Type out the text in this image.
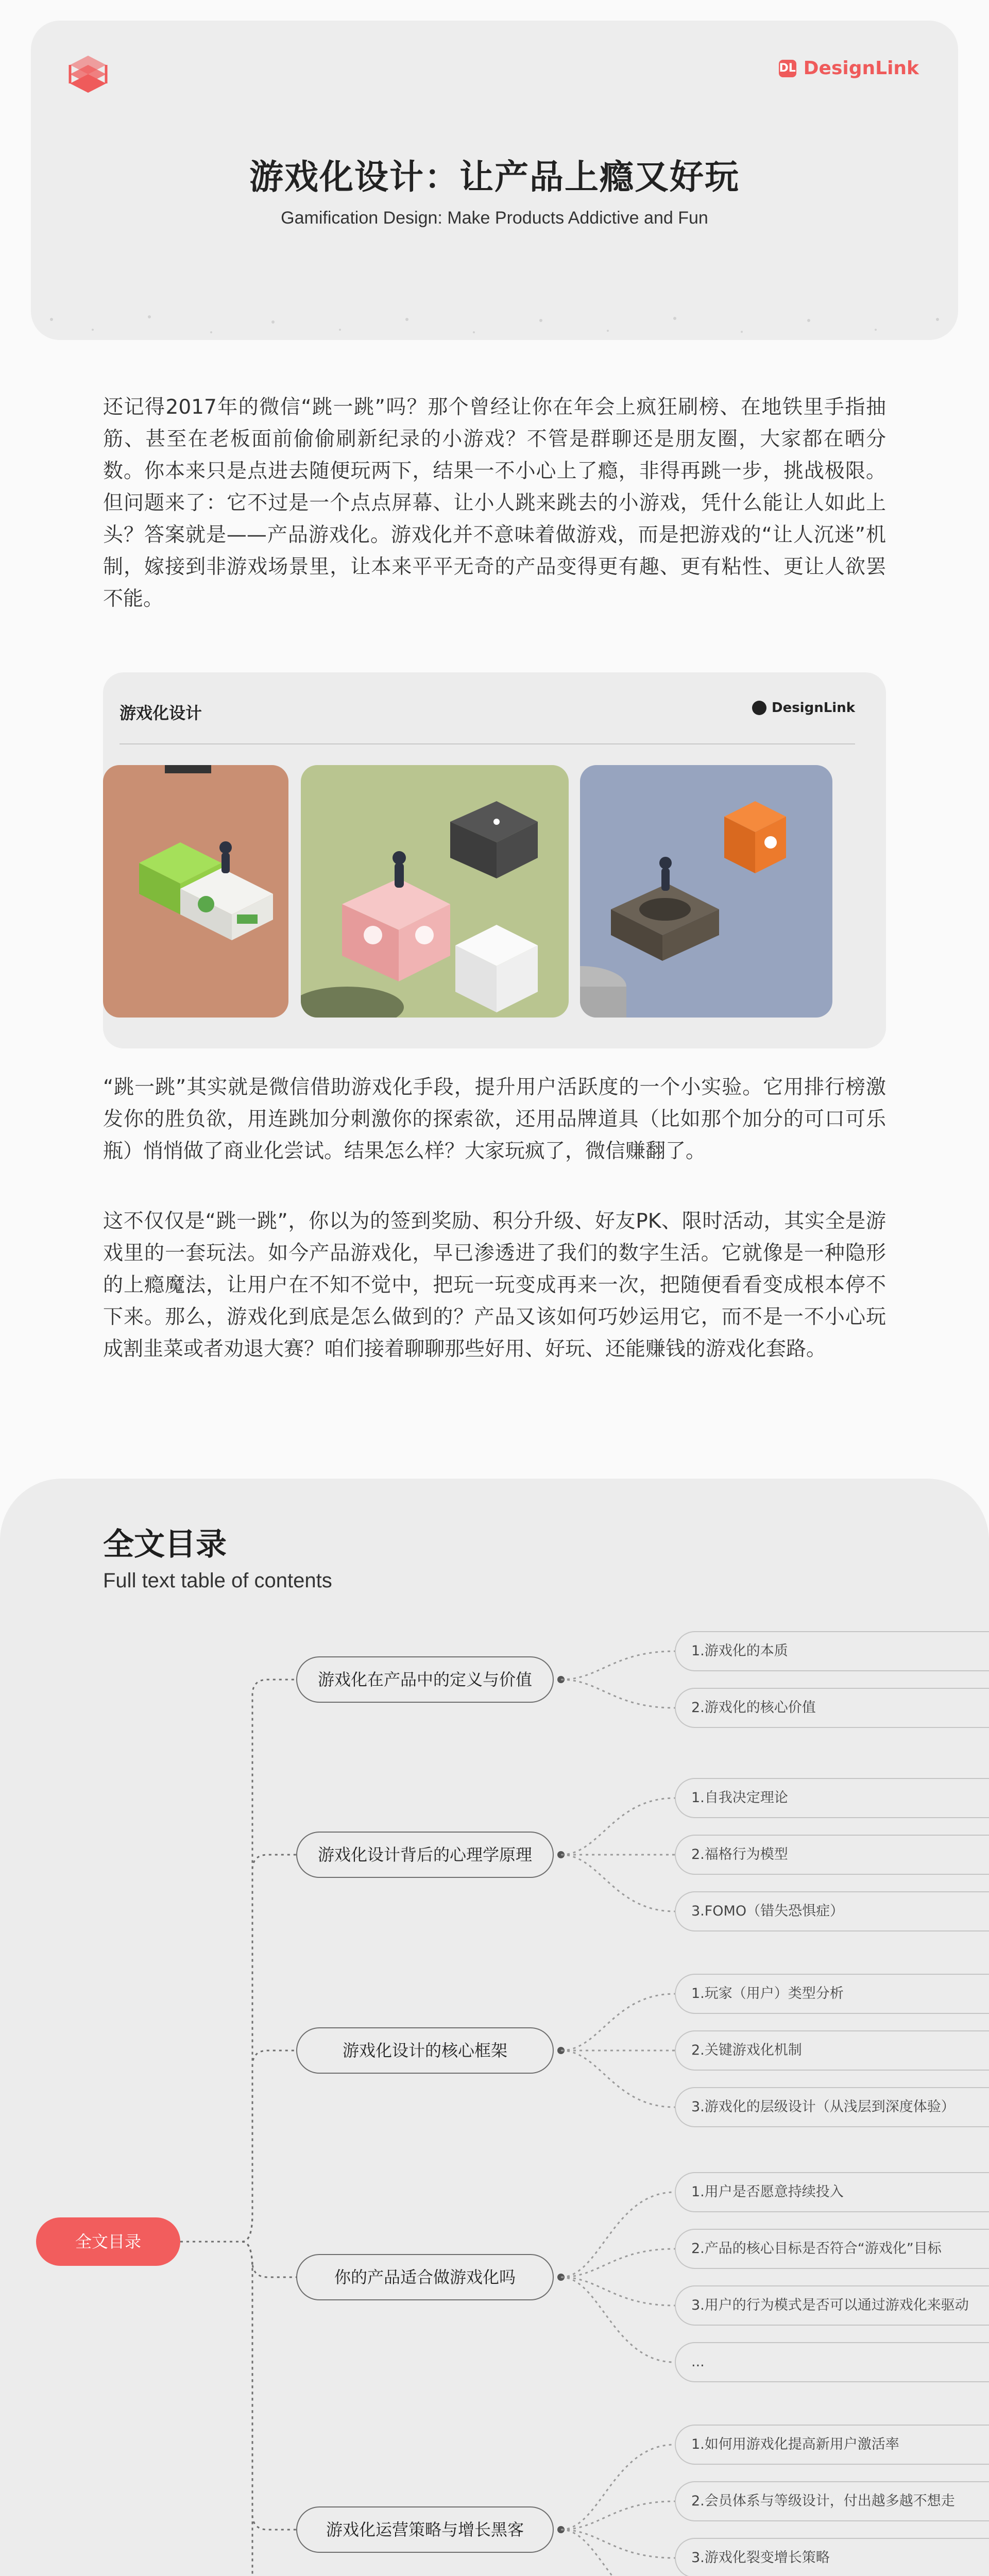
DL DesignLink
游戏化设计：让产品上瘾又好玩
Gamification Design: Make Products Addictive and Fun

还记得2017年的微信“跳一跳”吗？那个曾经让你在年会上疯狂刷榜、在地铁里手指抽筋、甚至在老板面前偷偷刷新纪录的小游戏？不管是群聊还是朋友圈，大家都在晒分数。你本来只是点进去随便玩两下，结果一不小心上了瘾，非得再跳一步，挑战极限。但问题来了：它不过是一个点点屏幕、让小人跳来跳去的小游戏，凭什么能让人如此上头？答案就是——产品游戏化。游戏化并不意味着做游戏，而是把游戏的“让人沉迷”机制，嫁接到非游戏场景里，让本来平平无奇的产品变得更有趣、更有粘性、更让人欲罢不能。

游戏化设计	DesignLink

“跳一跳”其实就是微信借助游戏化手段，提升用户活跃度的一个小实验。它用排行榜激发你的胜负欲，用连跳加分刺激你的探索欲，还用品牌道具（比如那个加分的可口可乐瓶）悄悄做了商业化尝试。结果怎么样？大家玩疯了，微信赚翻了。

这不仅仅是“跳一跳”，你以为的签到奖励、积分升级、好友PK、限时活动，其实全是游戏里的一套玩法。如今产品游戏化，早已渗透进了我们的数字生活。它就像是一种隐形的上瘾魔法，让用户在不知不觉中，把玩一玩变成再来一次，把随便看看变成根本停不下来。那么，游戏化到底是怎么做到的？产品又该如何巧妙运用它，而不是一不小心玩成割韭菜或者劝退大赛？咱们接着聊聊那些好用、好玩、还能赚钱的游戏化套路。

全文目录
Full text table of contents
全文目录
游戏化在产品中的定义与价值
1.游戏化的本质
2.游戏化的核心价值
游戏化设计背后的心理学原理
1.自我决定理论
2.福格行为模型
3.FOMO（错失恐惧症）
游戏化设计的核心框架
1.玩家（用户）类型分析
2.关键游戏化机制
3.游戏化的层级设计（从浅层到深度体验）
你的产品适合做游戏化吗
1.用户是否愿意持续投入
2.产品的核心目标是否符合“游戏化”目标
3.用户的行为模式是否可以通过游戏化来驱动
...
游戏化运营策略与增长黑客
1.如何用游戏化提高新用户激活率
2.会员体系与等级设计，付出越多越不想走
3.游戏化裂变增长策略
